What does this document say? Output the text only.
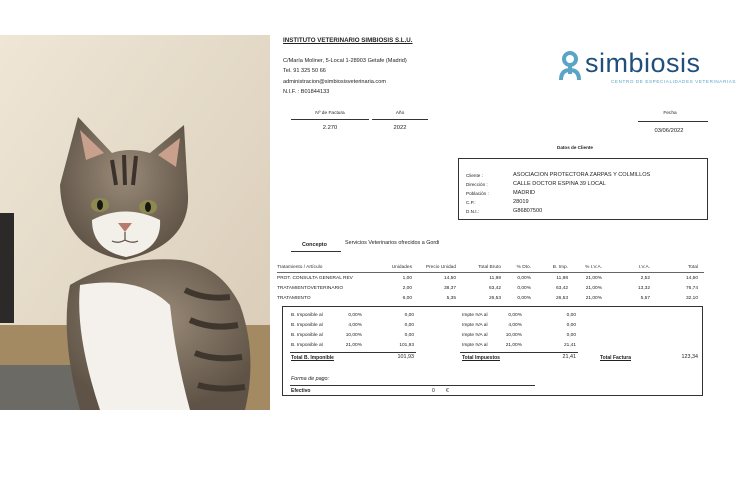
INSTITUTO VETERINARIO SIMBIOSIS S.L.U.
C/María Moliner, 5-Local 1-28903 Getafe (Madrid)
Tel. 91 325 50 66
administracion@simbiosisveterinaria.com
N.I.F. : B01844133
simbiosis
CENTRO DE ESPECIALIDADES VETERINARIAS
Nº de Factura
2.270
Año
2022
Fecha
03/06/2022
Datos de Cliente
Cliente :	ASOCIACION PROTECTORA ZARPAS Y COLMILLOS
Dirección :	CALLE DOCTOR ESPINA 39 LOCAL
Población :	MADRID
C.P.:	28019
D.N.I.:	G86807500
Concepto	Servicios Veterinarios ofrecidos a Gordi
Tratamiento / Artículo	Unidades	Precio Unidad	Total Bruto	% Dto.	B. Imp.	% I.V.A.	I.V.A.	Total
PROT. CONSULTA GENERAL REV	1,00	14,50	11,98	0,00%	11,98	21,00%	2,52	14,50
TRATAMIENTOVETERINARIO	2,00	38,37	63,42	0,00%	63,42	21,00%	13,32	76,74
TRATAMIENTO	6,00	5,35	26,53	0,00%	26,53	21,00%	5,57	32,10
B. Imponible al	0,00%	0,00
B. Imponible al	4,00%	0,00
B. Imponible al	10,00%	0,00
B. Imponible al	21,00%	101,93
Impte IVA al	0,00%	0,00
Impte IVA al	4,00%	0,00
Impte IVA al	10,00%	0,00
Impte IVA al	21,00%	21,41
Total B. Imponible	101,93	Total Impuestos	21,41	Total Factura	123,34
Forma de pago:
Efectivo	0 €
